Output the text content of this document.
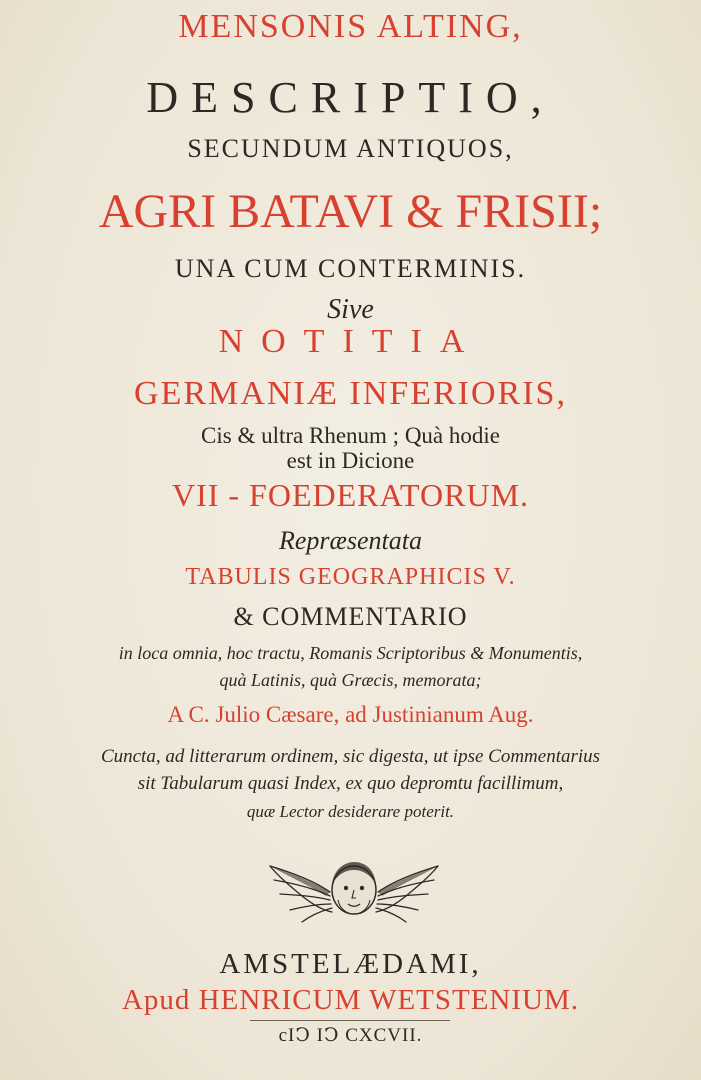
MENSONIS ALTING,
DESCRIPTIO,
SECUNDUM ANTIQUOS,
AGRI BATAVI & FRISII;
UNA CUM CONTERMINIS.
Sive
NOTITIA
GERMANIÆ INFERIORIS,
Cis & ultra Rhenum ; Quà hodie
est in Dicione
VII - FOEDERATORUM.
Repræsentata
TABULIS GEOGRAPHICIS V.
& COMMENTARIO
in loca omnia, hoc tractu, Romanis Scriptoribus & Monumentis,
quà Latinis, quà Græcis, memorata;
A C. Julio Cæsare, ad Justinianum Aug.
Cuncta, ad litterarum ordinem, sic digesta, ut ipse Commentarius
sit Tabularum quasi Index, ex quo depromtu facillimum,
quæ Lector desiderare poterit.
AMSTELÆDAMI,
Apud HENRICUM WETSTENIUM.
cIↃ IↃ CXCVII.
